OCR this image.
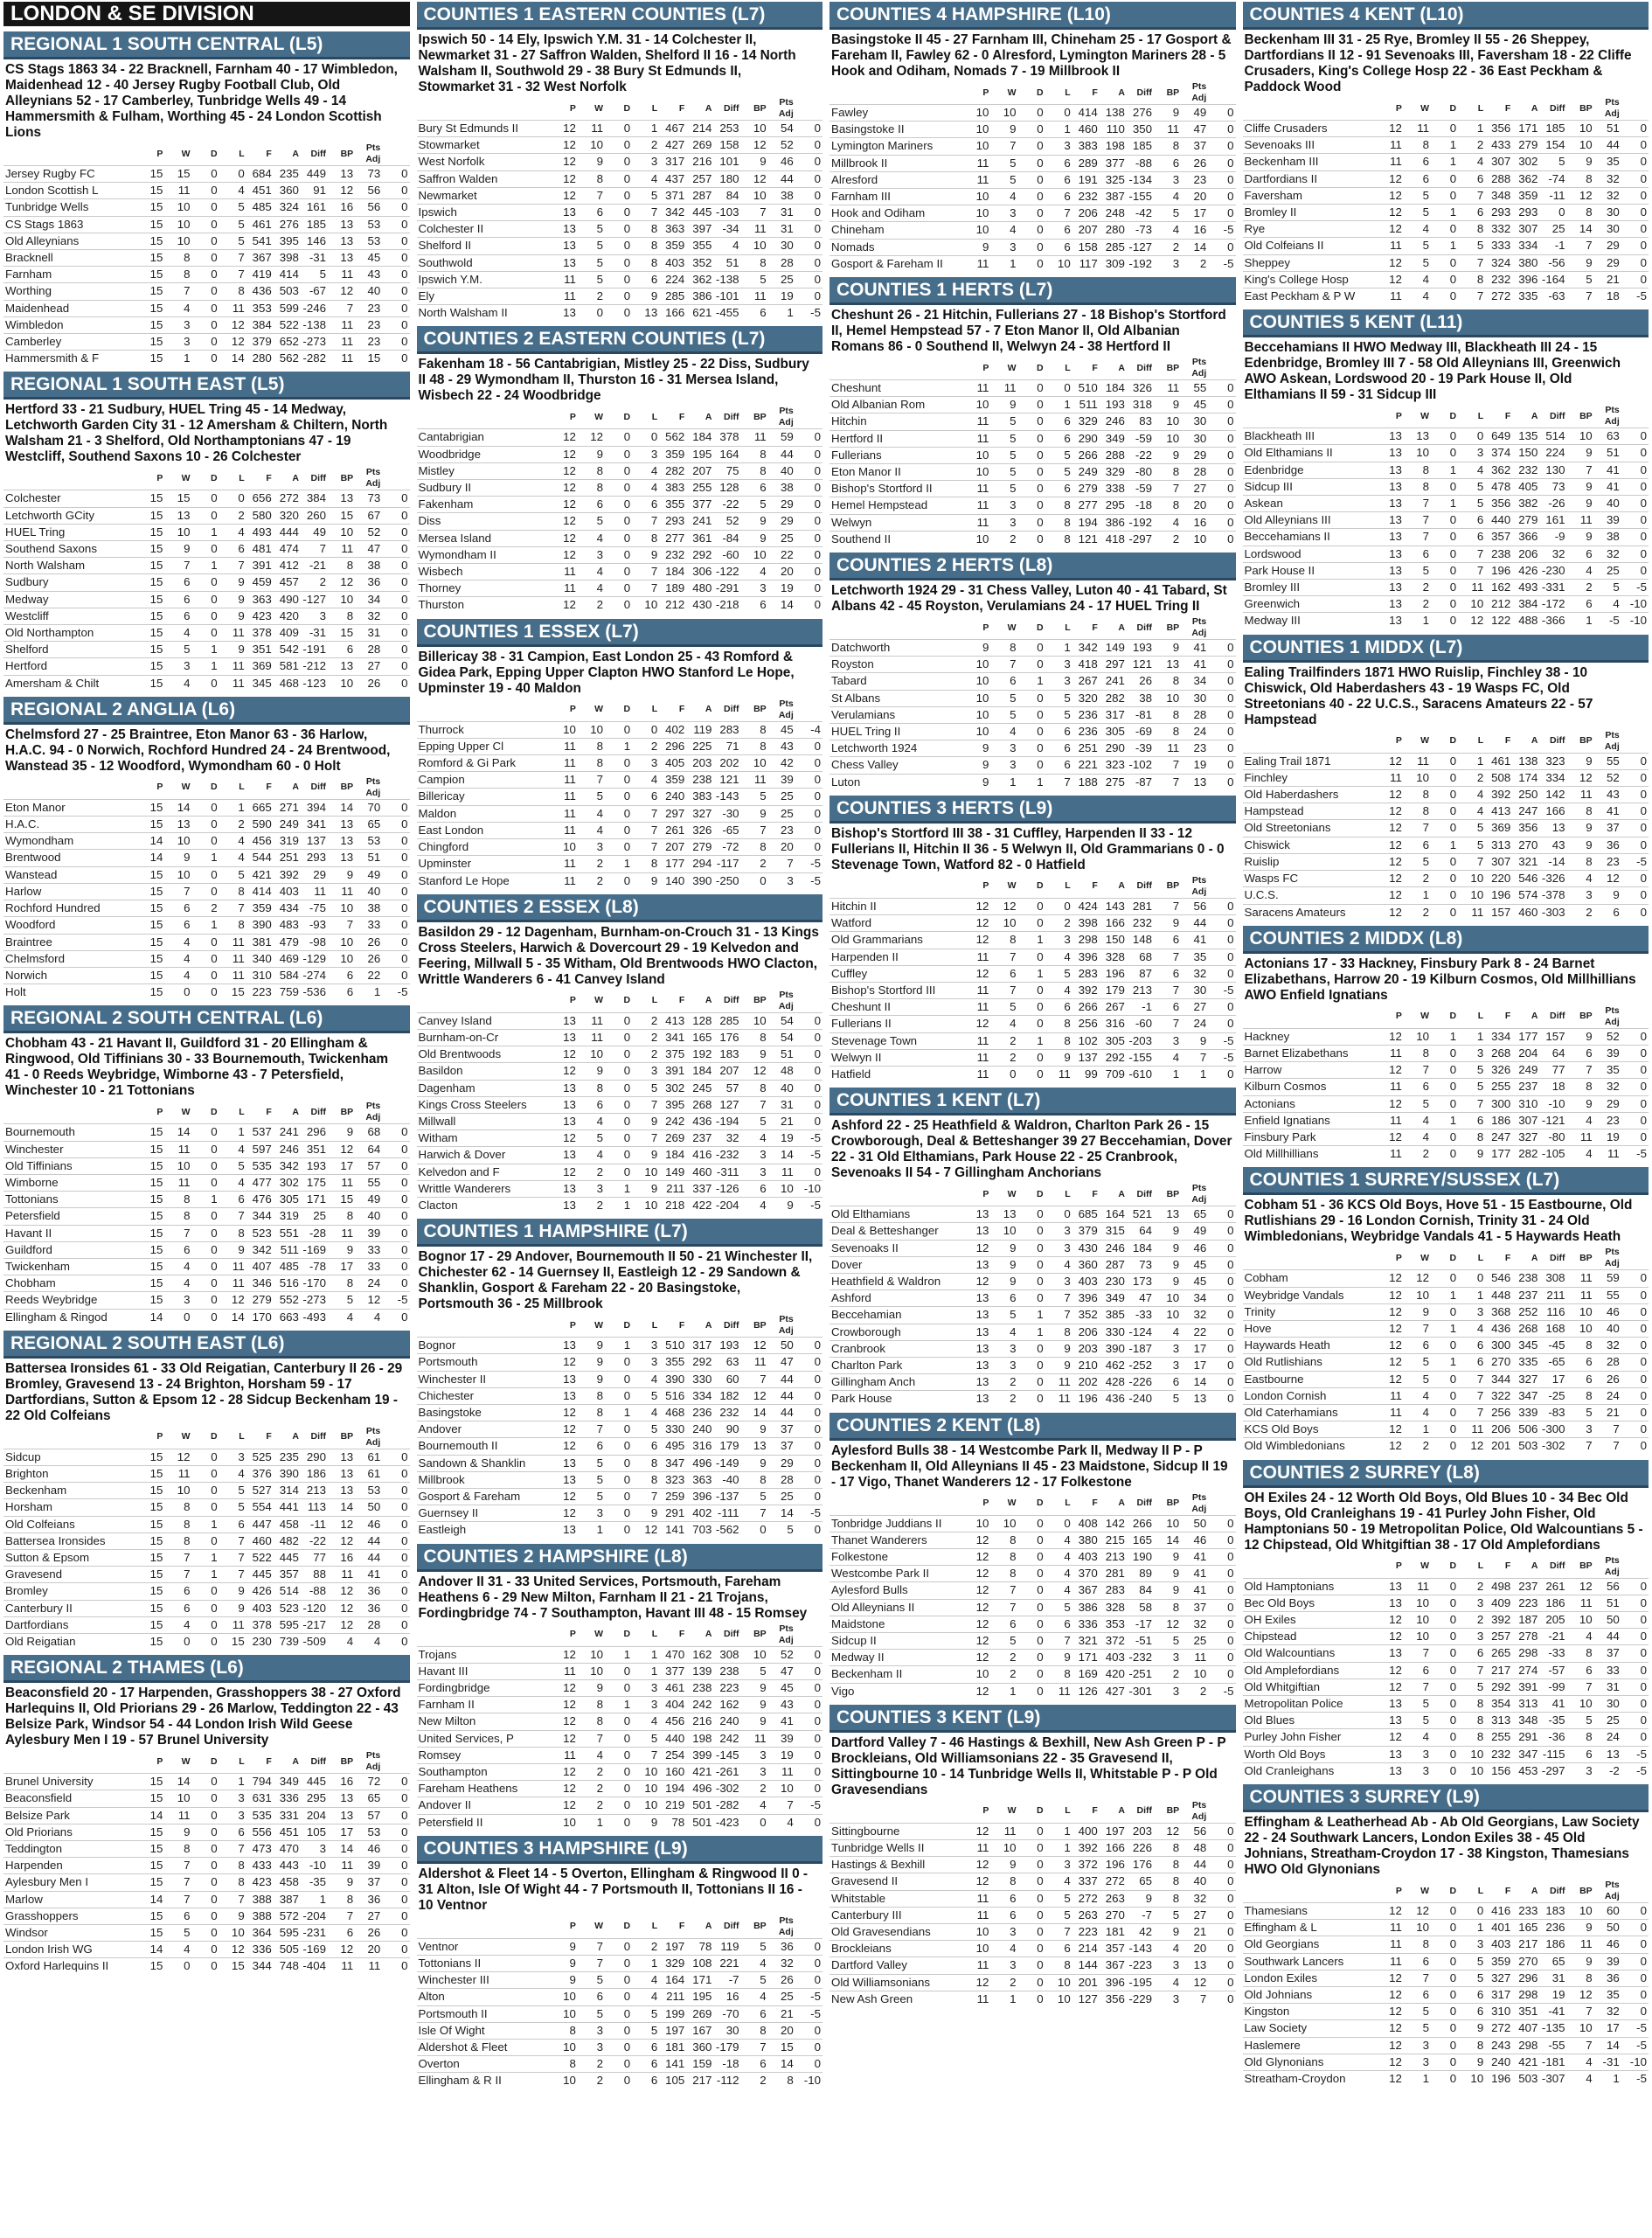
LONDON & SE DIVISION
REGIONAL 1 SOUTH CENTRAL (L5)
CS Stags 1863 34 - 22 Bracknell, Farnham 40 - 17 Wimbledon, Maidenhead 12 - 40 Jersey Rugby Football Club, Old Alleynians 52 - 17 Camberley, Tunbridge Wells 49 - 14 Hammersmith & Fulham, Worthing 45 - 24 London Scottish Lions
	P	W	D	L	F	A	Diff	BP	Pts Adj	
Jersey Rugby FC	15	15	0	0	684	235	449	13	73	0
London Scottish L	15	11	0	4	451	360	91	12	56	0
Tunbridge Wells	15	10	0	5	485	324	161	16	56	0
CS Stags 1863	15	10	0	5	461	276	185	13	53	0
Old Alleynians	15	10	0	5	541	395	146	13	53	0
Bracknell	15	8	0	7	367	398	-31	13	45	0
Farnham	15	8	0	7	419	414	5	11	43	0
Worthing	15	7	0	8	436	503	-67	12	40	0
Maidenhead	15	4	0	11	353	599	-246	7	23	0
Wimbledon	15	3	0	12	384	522	-138	11	23	0
Camberley	15	3	0	12	379	652	-273	11	23	0
Hammersmith & F	15	1	0	14	280	562	-282	11	15	0
REGIONAL 1 SOUTH EAST (L5)
Hertford 33 - 21 Sudbury, HUEL Tring 45 - 14 Medway, Letchworth Garden City 31 - 12 Amersham & Chiltern, North Walsham 21 - 3 Shelford, Old Northamptonians 47 - 19 Westcliff, Southend Saxons 10 - 26 Colchester
	P	W	D	L	F	A	Diff	BP	Pts Adj	
Colchester	15	15	0	0	656	272	384	13	73	0
Letchworth GCity	15	13	0	2	580	320	260	15	67	0
HUEL Tring	15	10	1	4	493	444	49	10	52	0
Southend Saxons	15	9	0	6	481	474	7	11	47	0
North Walsham	15	7	1	7	391	412	-21	8	38	0
Sudbury	15	6	0	9	459	457	2	12	36	0
Medway	15	6	0	9	363	490	-127	10	34	0
Westcliff	15	6	0	9	423	420	3	8	32	0
Old Northampton	15	4	0	11	378	409	-31	15	31	0
Shelford	15	5	1	9	351	542	-191	6	28	0
Hertford	15	3	1	11	369	581	-212	13	27	0
Amersham & Chilt	15	4	0	11	345	468	-123	10	26	0
REGIONAL 2 ANGLIA (L6)
Chelmsford 27 - 25 Braintree, Eton Manor 63 - 36 Harlow, H.A.C. 94 - 0 Norwich, Rochford Hundred 24 - 24 Brentwood, Wanstead 35 - 12 Woodford, Wymondham 60 - 0 Holt
	P	W	D	L	F	A	Diff	BP	Pts Adj	
Eton Manor	15	14	0	1	665	271	394	14	70	0
H.A.C.	15	13	0	2	590	249	341	13	65	0
Wymondham	14	10	0	4	456	319	137	13	53	0
Brentwood	14	9	1	4	544	251	293	13	51	0
Wanstead	15	10	0	5	421	392	29	9	49	0
Harlow	15	7	0	8	414	403	11	11	40	0
Rochford Hundred	15	6	2	7	359	434	-75	10	38	0
Woodford	15	6	1	8	390	483	-93	7	33	0
Braintree	15	4	0	11	381	479	-98	10	26	0
Chelmsford	15	4	0	11	340	469	-129	10	26	0
Norwich	15	4	0	11	310	584	-274	6	22	0
Holt	15	0	0	15	223	759	-536	6	1	-5
REGIONAL 2 SOUTH CENTRAL (L6)
Chobham 43 - 21 Havant II, Guildford 31 - 20 Ellingham & Ringwood, Old Tiffinians 30 - 33 Bournemouth, Twickenham 41 - 0 Reeds Weybridge, Wimborne 43 - 7 Petersfield, Winchester 10 - 21 Tottonians
	P	W	D	L	F	A	Diff	BP	Pts Adj	
Bournemouth	15	14	0	1	537	241	296	9	68	0
Winchester	15	11	0	4	597	246	351	12	64	0
Old Tiffinians	15	10	0	5	535	342	193	17	57	0
Wimborne	15	11	0	4	477	302	175	11	55	0
Tottonians	15	8	1	6	476	305	171	15	49	0
Petersfield	15	8	0	7	344	319	25	8	40	0
Havant II	15	7	0	8	523	551	-28	11	39	0
Guildford	15	6	0	9	342	511	-169	9	33	0
Twickenham	15	4	0	11	407	485	-78	17	33	0
Chobham	15	4	0	11	346	516	-170	8	24	0
Reeds Weybridge	15	3	0	12	279	552	-273	5	12	-5
Ellingham & Ringod	14	0	0	14	170	663	-493	4	4	0
REGIONAL 2 SOUTH EAST (L6)
Battersea Ironsides 61 - 33 Old Reigatian, Canterbury II 26 - 29 Bromley, Gravesend 13 - 24 Brighton, Horsham 59 - 17 Dartfordians, Sutton & Epsom 12 - 28 Sidcup Beckenham 19 - 22 Old Colfeians
	P	W	D	L	F	A	Diff	BP	Pts Adj	
Sidcup	15	12	0	3	525	235	290	13	61	0
Brighton	15	11	0	4	376	390	186	13	61	0
Beckenham	15	10	0	5	527	314	213	13	53	0
Horsham	15	8	0	5	554	441	113	14	50	0
Old Colfeians	15	8	1	6	447	458	-11	12	46	0
Battersea Ironsides	15	8	0	7	460	482	-22	12	44	0
Sutton & Epsom	15	7	1	7	522	445	77	16	44	0
Gravesend	15	7	1	7	445	357	88	11	41	0
Bromley	15	6	0	9	426	514	-88	12	36	0
Canterbury II	15	6	0	9	403	523	-120	12	36	0
Dartfordians	15	4	0	11	378	595	-217	12	28	0
Old Reigatian	15	0	0	15	230	739	-509	4	4	0
REGIONAL 2 THAMES (L6)
Beaconsfield 20 - 17 Harpenden, Grasshoppers 38 - 27 Oxford Harlequins II, Old Priorians 29 - 26 Marlow, Teddington 22 - 43 Belsize Park, Windsor 54 - 44 London Irish Wild Geese Aylesbury Men I 19 - 57 Brunel University
	P	W	D	L	F	A	Diff	BP	Pts Adj	
Brunel University	15	14	0	1	794	349	445	16	72	0
Beaconsfield	15	10	0	3	631	336	295	13	65	0
Belsize Park	14	11	0	3	535	331	204	13	57	0
Old Priorians	15	9	0	6	556	451	105	17	53	0
Teddington	15	8	0	7	473	470	3	14	46	0
Harpenden	15	7	0	8	433	443	-10	11	39	0
Aylesbury Men I	15	7	0	8	423	458	-35	9	37	0
Marlow	14	7	0	7	388	387	1	8	36	0
Grasshoppers	15	6	0	9	388	572	-204	7	27	0
Windsor	15	5	0	10	364	595	-231	6	26	0
London Irish WG	14	4	0	12	336	505	-169	12	20	0
Oxford Harlequins II	15	0	0	15	344	748	-404	11	11	0
COUNTIES 1 EASTERN COUNTIES (L7)
Ipswich 50 - 14 Ely, Ipswich Y.M. 31 - 14 Colchester II, Newmarket 31 - 27 Saffron Walden, Shelford II 16 - 14 North Walsham II, Southwold 29 - 38 Bury St Edmunds II, Stowmarket 31 - 32 West Norfolk
	P	W	D	L	F	A	Diff	BP	Pts Adj	
Bury St Edmunds II	12	11	0	1	467	214	253	10	54	0
Stowmarket	12	10	0	2	427	269	158	12	52	0
West Norfolk	12	9	0	3	317	216	101	9	46	0
Saffron Walden	12	8	0	4	437	257	180	12	44	0
Newmarket	12	7	0	5	371	287	84	10	38	0
Ipswich	13	6	0	7	342	445	-103	7	31	0
Colchester II	13	5	0	8	363	397	-34	11	31	0
Shelford II	13	5	0	8	359	355	4	10	30	0
Southwold	13	5	0	8	403	352	51	8	28	0
Ipswich Y.M.	11	5	0	6	224	362	-138	5	25	0
Ely	11	2	0	9	285	386	-101	11	19	0
North Walsham II	13	0	0	13	166	621	-455	6	1	-5
COUNTIES 2 EASTERN COUNTIES (L7)
Fakenham 18 - 56 Cantabrigian, Mistley 25 - 22 Diss, Sudbury II 48 - 29 Wymondham II, Thurston 16 - 31 Mersea Island, Wisbech 22 - 24 Woodbridge
	P	W	D	L	F	A	Diff	BP	Pts Adj	
Cantabrigian	12	12	0	0	562	184	378	11	59	0
Woodbridge	12	9	0	3	359	195	164	8	44	0
Mistley	12	8	0	4	282	207	75	8	40	0
Sudbury II	12	8	0	4	383	255	128	6	38	0
Fakenham	12	6	0	6	355	377	-22	5	29	0
Diss	12	5	0	7	293	241	52	9	29	0
Mersea Island	12	4	0	8	277	361	-84	9	25	0
Wymondham II	12	3	0	9	232	292	-60	10	22	0
Wisbech	11	4	0	7	184	306	-122	4	20	0
Thorney	11	4	0	7	189	480	-291	3	19	0
Thurston	12	2	0	10	212	430	-218	6	14	0
COUNTIES 1 ESSEX (L7)
Billericay 38 - 31 Campion, East London 25 - 43 Romford & Gidea Park, Epping Upper Clapton HWO Stanford Le Hope, Upminster 19 - 40 Maldon
	P	W	D	L	F	A	Diff	BP	Pts Adj	
Thurrock	10	10	0	0	402	119	283	8	45	-4
Epping Upper Cl	11	8	1	2	296	225	71	8	43	0
Romford & Gi Park	11	8	0	3	405	203	202	10	42	0
Campion	11	7	0	4	359	238	121	11	39	0
Billericay	11	5	0	6	240	383	-143	5	25	0
Maldon	11	4	0	7	297	327	-30	9	25	0
East London	11	4	0	7	261	326	-65	7	23	0
Chingford	10	3	0	7	207	279	-72	8	20	0
Upminster	11	2	1	8	177	294	-117	2	7	-5
Stanford Le Hope	11	2	0	9	140	390	-250	0	3	-5
COUNTIES 2 ESSEX (L8)
Basildon 29 - 12 Dagenham, Burnham-on-Crouch 31 - 13 Kings Cross Steelers, Harwich & Dovercourt 29 - 19 Kelvedon and Feering, Millwall 5 - 35 Witham, Old Brentwoods HWO Clacton, Writtle Wanderers 6 - 41 Canvey Island
	P	W	D	L	F	A	Diff	BP	Pts Adj	
Canvey Island	13	11	0	2	413	128	285	10	54	0
Burnham-on-Cr	13	11	0	2	341	165	176	8	54	0
Old Brentwoods	12	10	0	2	375	192	183	9	51	0
Basildon	12	9	0	3	391	184	207	12	48	0
Dagenham	13	8	0	5	302	245	57	8	40	0
Kings Cross Steelers	13	6	0	7	395	268	127	7	31	0
Millwall	13	4	0	9	242	436	-194	5	21	0
Witham	12	5	0	7	269	237	32	4	19	-5
Harwich & Dover	13	4	0	9	184	416	-232	3	14	-5
Kelvedon and F	12	2	0	10	149	460	-311	3	11	0
Writtle Wanderers	13	3	1	9	211	337	-126	6	10	-10
Clacton	13	2	1	10	218	422	-204	4	9	-5
COUNTIES 1 HAMPSHIRE (L7)
Bognor 17 - 29 Andover, Bournemouth II 50 - 21 Winchester II, Chichester 62 - 14 Guernsey II, Eastleigh 12 - 29 Sandown & Shanklin, Gosport & Fareham 22 - 20 Basingstoke, Portsmouth 36 - 25 Millbrook
	P	W	D	L	F	A	Diff	BP	Pts Adj	
Bognor	13	9	1	3	510	317	193	12	50	0
Portsmouth	12	9	0	3	355	292	63	11	47	0
Winchester II	13	9	0	4	390	330	60	7	44	0
Chichester	13	8	0	5	516	334	182	12	44	0
Basingstoke	12	8	1	4	468	236	232	14	44	0
Andover	12	7	0	5	330	240	90	9	37	0
Bournemouth II	12	6	0	6	495	316	179	13	37	0
Sandown & Shanklin	13	5	0	8	347	496	-149	9	29	0
Millbrook	13	5	0	8	323	363	-40	8	28	0
Gosport & Fareham	12	5	0	7	259	396	-137	5	25	0
Guernsey II	12	3	0	9	291	402	-111	7	14	-5
Eastleigh	13	1	0	12	141	703	-562	0	5	0
COUNTIES 2 HAMPSHIRE (L8)
Andover II 31 - 33 United Services, Portsmouth, Fareham Heathens 6 - 29 New Milton, Farnham II 21 - 21 Trojans, Fordingbridge 74 - 7 Southampton, Havant III 48 - 15 Romsey
	P	W	D	L	F	A	Diff	BP	Pts Adj	
Trojans	12	10	1	1	470	162	308	10	52	0
Havant III	11	10	0	1	377	139	238	5	47	0
Fordingbridge	12	9	0	3	461	238	223	9	45	0
Farnham II	12	8	1	3	404	242	162	9	43	0
New Milton	12	8	0	4	456	216	240	9	41	0
United Services, P	12	7	0	5	440	198	242	11	39	0
Romsey	11	4	0	7	254	399	-145	3	19	0
Southampton	12	2	0	10	160	421	-261	3	11	0
Fareham Heathens	12	2	0	10	194	496	-302	2	10	0
Andover II	12	2	0	10	219	501	-282	4	7	-5
Petersfield II	10	1	0	9	78	501	-423	0	4	0
COUNTIES 3 HAMPSHIRE (L9)
Aldershot & Fleet 14 - 5 Overton, Ellingham & Ringwood II 0 - 31 Alton, Isle Of Wight 44 - 7 Portsmouth II, Tottonians II 16 - 10 Ventnor
	P	W	D	L	F	A	Diff	BP	Pts Adj	
Ventnor	9	7	0	2	197	78	119	5	36	0
Tottonians II	9	7	0	1	329	108	221	4	32	0
Winchester III	9	5	0	4	164	171	-7	5	26	0
Alton	10	6	0	4	211	195	16	4	25	-5
Portsmouth II	10	5	0	5	199	269	-70	6	21	-5
Isle Of Wight	8	3	0	5	197	167	30	8	20	0
Aldershot & Fleet	10	3	0	6	181	360	-179	7	15	0
Overton	8	2	0	6	141	159	-18	6	14	0
Ellingham & R II	10	2	0	6	105	217	-112	2	8	-10
COUNTIES 4 HAMPSHIRE (L10)
Basingstoke II 45 - 27 Farnham III, Chineham 25 - 17 Gosport & Fareham II, Fawley 62 - 0 Alresford, Lymington Mariners 28 - 5 Hook and Odiham, Nomads 7 - 19 Millbrook II
	P	W	D	L	F	A	Diff	BP	Pts Adj	
Fawley	10	10	0	0	414	138	276	9	49	0
Basingstoke II	10	9	0	1	460	110	350	11	47	0
Lymington Mariners	10	7	0	3	383	198	185	8	37	0
Millbrook II	11	5	0	6	289	377	-88	6	26	0
Alresford	11	5	0	6	191	325	-134	3	23	0
Farnham III	10	4	0	6	232	387	-155	4	20	0
Hook and Odiham	10	3	0	7	206	248	-42	5	17	0
Chineham	10	4	0	6	207	280	-73	4	16	-5
Nomads	9	3	0	6	158	285	-127	2	14	0
Gosport & Fareham II	11	1	0	10	117	309	-192	3	2	-5
COUNTIES 1 HERTS (L7)
Cheshunt 26 - 21 Hitchin, Fullerians 27 - 18 Bishop's Stortford II, Hemel Hempstead 57 - 7 Eton Manor II, Old Albanian Romans 86 - 0 Southend II, Welwyn 24 - 38 Hertford II
	P	W	D	L	F	A	Diff	BP	Pts Adj	
Cheshunt	11	11	0	0	510	184	326	11	55	0
Old Albanian Rom	10	9	0	1	511	193	318	9	45	0
Hitchin	11	5	0	6	329	246	83	10	30	0
Hertford II	11	5	0	6	290	349	-59	10	30	0
Fullerians	10	5	0	5	266	288	-22	9	29	0
Eton Manor II	10	5	0	5	249	329	-80	8	28	0
Bishop's Stortford II	11	5	0	6	279	338	-59	7	27	0
Hemel Hempstead	11	3	0	8	277	295	-18	8	20	0
Welwyn	11	3	0	8	194	386	-192	4	16	0
Southend II	10	2	0	8	121	418	-297	2	10	0
COUNTIES 2 HERTS (L8)
Letchworth 1924 29 - 31 Chess Valley, Luton 40 - 41 Tabard, St Albans 42 - 45 Royston, Verulamians 24 - 17 HUEL Tring II
	P	W	D	L	F	A	Diff	BP	Pts Adj	
Datchworth	9	8	0	1	342	149	193	9	41	0
Royston	10	7	0	3	418	297	121	13	41	0
Tabard	10	6	1	3	267	241	26	8	34	0
St Albans	10	5	0	5	320	282	38	10	30	0
Verulamians	10	5	0	5	236	317	-81	8	28	0
HUEL Tring II	10	4	0	6	236	305	-69	8	24	0
Letchworth 1924	9	3	0	6	251	290	-39	11	23	0
Chess Valley	9	3	0	6	221	323	-102	7	19	0
Luton	9	1	1	7	188	275	-87	7	13	0
COUNTIES 3 HERTS (L9)
Bishop's Stortford III 38 - 31 Cuffley, Harpenden II 33 - 12 Fullerians II, Hitchin II 36 - 5 Welwyn II, Old Grammarians 0 - 0 Stevenage Town, Watford 82 - 0 Hatfield
	P	W	D	L	F	A	Diff	BP	Pts Adj	
Hitchin II	12	12	0	0	424	143	281	7	56	0
Watford	12	10	0	2	398	166	232	9	44	0
Old Grammarians	12	8	1	3	298	150	148	6	41	0
Harpenden II	11	7	0	4	396	328	68	7	35	0
Cuffley	12	6	1	5	283	196	87	6	32	0
Bishop's Stortford III	11	7	0	4	392	179	213	7	30	-5
Cheshunt II	11	5	0	6	266	267	-1	6	27	0
Fullerians II	12	4	0	8	256	316	-60	7	24	0
Stevenage Town	11	2	1	8	102	305	-203	3	9	-5
Welwyn II	11	2	0	9	137	292	-155	4	7	-5
Hatfield	11	0	0	11	99	709	-610	1	1	0
COUNTIES 1 KENT (L7)
Ashford 22 - 25 Heathfield & Waldron, Charlton Park 26 - 15 Crowborough, Deal & Betteshanger 39 27 Beccehamian, Dover 22 - 31 Old Elthamians, Park House 22 - 25 Cranbrook, Sevenoaks II 54 - 7 Gillingham Anchorians
	P	W	D	L	F	A	Diff	BP	Pts Adj	
Old Elthamians	13	13	0	0	685	164	521	13	65	0
Deal & Betteshanger	13	10	0	3	379	315	64	9	49	0
Sevenoaks II	12	9	0	3	430	246	184	9	46	0
Dover	13	9	0	4	360	287	73	9	45	0
Heathfield & Waldron	12	9	0	3	403	230	173	9	45	0
Ashford	13	6	0	7	396	349	47	10	34	0
Beccehamian	13	5	1	7	352	385	-33	10	32	0
Crowborough	13	4	1	8	206	330	-124	4	22	0
Cranbrook	13	3	0	9	203	390	-187	3	17	0
Charlton Park	13	3	0	9	210	462	-252	3	17	0
Gillingham Anch	13	2	0	11	202	428	-226	6	14	0
Park House	13	2	0	11	196	436	-240	5	13	0
COUNTIES 2 KENT (L8)
Aylesford Bulls 38 - 14 Westcombe Park II, Medway II P - P Beckenham II, Old Alleynians II 45 - 23 Maidstone, Sidcup II 19 - 17 Vigo, Thanet Wanderers 12 - 17 Folkestone
	P	W	D	L	F	A	Diff	BP	Pts Adj	
Tonbridge Juddians II	10	10	0	0	408	142	266	10	50	0
Thanet Wanderers	12	8	0	4	380	215	165	14	46	0
Folkestone	12	8	0	4	403	213	190	9	41	0
Westcombe Park II	12	8	0	4	370	281	89	9	41	0
Aylesford Bulls	12	7	0	4	367	283	84	9	41	0
Old Alleynians II	12	7	0	5	386	328	58	8	37	0
Maidstone	12	6	0	6	336	353	-17	12	32	0
Sidcup II	12	5	0	7	321	372	-51	5	25	0
Medway II	12	2	0	9	171	403	-232	3	11	0
Beckenham II	10	2	0	8	169	420	-251	2	10	0
Vigo	12	1	0	11	126	427	-301	3	2	-5
COUNTIES 3 KENT (L9)
Dartford Valley 7 - 46 Hastings & Bexhill, New Ash Green P - P Brockleians, Old Williamsonians 22 - 35 Gravesend II, Sittingbourne 10 - 14 Tunbridge Wells II, Whitstable P - P Old Gravesendians
	P	W	D	L	F	A	Diff	BP	Pts Adj	
Sittingbourne	12	11	0	1	400	197	203	12	56	0
Tunbridge Wells II	11	10	0	1	392	166	226	8	48	0
Hastings & Bexhill	12	9	0	3	372	196	176	8	44	0
Gravesend II	12	8	0	4	337	272	65	8	40	0
Whitstable	11	6	0	5	272	263	9	8	32	0
Canterbury III	11	6	0	5	263	270	-7	5	27	0
Old Gravesendians	10	3	0	7	223	181	42	9	21	0
Brockleians	10	4	0	6	214	357	-143	4	20	0
Dartford Valley	11	3	0	8	144	367	-223	3	13	0
Old Williamsonians	12	2	0	10	201	396	-195	4	12	0
New Ash Green	11	1	0	10	127	356	-229	3	7	0
COUNTIES 4 KENT (L10)
Beckenham III 31 - 25 Rye, Bromley II 55 - 26 Sheppey, Dartfordians II 12 - 91 Sevenoaks III, Faversham 18 - 22 Cliffe Crusaders, King's College Hosp 22 - 36 East Peckham & Paddock Wood
	P	W	D	L	F	A	Diff	BP	Pts Adj	
Cliffe Crusaders	12	11	0	1	356	171	185	10	51	0
Sevenoaks III	11	8	1	2	433	279	154	10	44	0
Beckenham III	11	6	1	4	307	302	5	9	35	0
Dartfordians II	12	6	0	6	288	362	-74	8	32	0
Faversham	12	5	0	7	348	359	-11	12	32	0
Bromley II	12	5	1	6	293	293	0	8	30	0
Rye	12	4	0	8	332	307	25	14	30	0
Old Colfeians II	11	5	1	5	333	334	-1	7	29	0
Sheppey	12	5	0	7	324	380	-56	9	29	0
King's College Hosp	12	4	0	8	232	396	-164	5	21	0
East Peckham & P W	11	4	0	7	272	335	-63	7	18	-5
COUNTIES 5 KENT (L11)
Beccehamians II HWO Medway III, Blackheath III 24 - 15 Edenbridge, Bromley III 7 - 58 Old Alleynians III, Greenwich AWO Askean, Lordswood 20 - 19 Park House II, Old Elthamians II 59 - 31 Sidcup III
	P	W	D	L	F	A	Diff	BP	Pts Adj	
Blackheath III	13	13	0	0	649	135	514	10	63	0
Old Elthamians II	13	10	0	3	374	150	224	9	51	0
Edenbridge	13	8	1	4	362	232	130	7	41	0
Sidcup III	13	8	0	5	478	405	73	9	41	0
Askean	13	7	1	5	356	382	-26	9	40	0
Old Alleynians III	13	7	0	6	440	279	161	11	39	0
Beccehamians II	13	7	0	6	357	366	-9	9	38	0
Lordswood	13	6	0	7	238	206	32	6	32	0
Park House II	13	5	0	7	196	426	-230	4	25	0
Bromley III	13	2	0	11	162	493	-331	2	5	-5
Greenwich	13	2	0	10	212	384	-172	6	4	-10
Medway III	13	1	0	12	122	488	-366	1	-5	-10
COUNTIES 1 MIDDX (L7)
Ealing Trailfinders 1871 HWO Ruislip, Finchley 38 - 10 Chiswick, Old Haberdashers 43 - 19 Wasps FC, Old Streetonians 40 - 22 U.C.S., Saracens Amateurs 22 - 57 Hampstead
	P	W	D	L	F	A	Diff	BP	Pts Adj	
Ealing Trail 1871	12	11	0	1	461	138	323	9	55	0
Finchley	11	10	0	2	508	174	334	12	52	0
Old Haberdashers	12	8	0	4	392	250	142	11	43	0
Hampstead	12	8	0	4	413	247	166	8	41	0
Old Streetonians	12	7	0	5	369	356	13	9	37	0
Chiswick	12	6	1	5	313	270	43	9	36	0
Ruislip	12	5	0	7	307	321	-14	8	23	-5
Wasps FC	12	2	0	10	220	546	-326	4	12	0
U.C.S.	12	1	0	10	196	574	-378	3	9	0
Saracens Amateurs	12	2	0	11	157	460	-303	2	6	0
COUNTIES 2 MIDDX (L8)
Actonians 17 - 33 Hackney, Finsbury Park 8 - 24 Barnet Elizabethans, Harrow 20 - 19 Kilburn Cosmos, Old Millhillians AWO Enfield Ignatians
	P	W	D	L	F	A	Diff	BP	Pts Adj	
Hackney	12	10	1	1	334	177	157	9	52	0
Barnet Elizabethans	11	8	0	3	268	204	64	6	39	0
Harrow	12	7	0	5	326	249	77	7	35	0
Kilburn Cosmos	11	6	0	5	255	237	18	8	32	0
Actonians	12	5	0	7	300	310	-10	9	29	0
Enfield Ignatians	11	4	1	6	186	307	-121	4	23	0
Finsbury Park	12	4	0	8	247	327	-80	11	19	0
Old Millhillians	11	2	0	9	177	282	-105	4	11	-5
COUNTIES 1 SURREY/SUSSEX (L7)
Cobham 51 - 36 KCS Old Boys, Hove 51 - 15 Eastbourne, Old Rutlishians 29 - 16 London Cornish, Trinity 31 - 24 Old Wimbledonians, Weybridge Vandals 41 - 5 Haywards Heath
	P	W	D	L	F	A	Diff	BP	Pts Adj	
Cobham	12	12	0	0	546	238	308	11	59	0
Weybridge Vandals	12	10	1	1	448	237	211	11	55	0
Trinity	12	9	0	3	368	252	116	10	46	0
Hove	12	7	1	4	436	268	168	10	40	0
Haywards Heath	12	6	0	6	300	345	-45	8	32	0
Old Rutlishians	12	5	1	6	270	335	-65	6	28	0
Eastbourne	12	5	0	7	344	327	17	6	26	0
London Cornish	11	4	0	7	322	347	-25	8	24	0
Old Caterhamians	11	4	0	7	256	339	-83	5	21	0
KCS Old Boys	12	1	0	11	206	506	-300	3	7	0
Old Wimbledonians	12	2	0	12	201	503	-302	7	7	0
COUNTIES 2 SURREY (L8)
OH Exiles 24 - 12 Worth Old Boys, Old Blues 10 - 34 Bec Old Boys, Old Cranleighans 19 - 41 Purley John Fisher, Old Hamptonians 50 - 19 Metropolitan Police, Old Walcountians 5 - 12 Chipstead, Old Whitgiftian 38 - 17 Old Amplefordians
	P	W	D	L	F	A	Diff	BP	Pts Adj	
Old Hamptonians	13	11	0	2	498	237	261	12	56	0
Bec Old Boys	13	10	0	3	409	223	186	11	51	0
OH Exiles	12	10	0	2	392	187	205	10	50	0
Chipstead	12	10	0	3	257	278	-21	4	44	0
Old Walcountians	13	7	0	6	265	298	-33	8	37	0
Old Amplefordians	12	6	0	7	217	274	-57	6	33	0
Old Whitgiftian	12	7	0	5	292	391	-99	7	31	0
Metropolitan Police	13	5	0	8	354	313	41	10	30	0
Old Blues	13	5	0	8	313	348	-35	5	25	0
Purley John Fisher	12	4	0	8	255	291	-36	8	24	0
Worth Old Boys	13	3	0	10	232	347	-115	6	13	-5
Old Cranleighans	13	3	0	10	156	453	-297	3	-2	-5
COUNTIES 3 SURREY (L9)
Effingham & Leatherhead Ab - Ab Old Georgians, Law Society 22 - 24 Southwark Lancers, London Exiles 38 - 45 Old Johnians, Streatham-Croydon 17 - 38 Kingston, Thamesians HWO Old Glynonians
	P	W	D	L	F	A	Diff	BP	Pts Adj	
Thamesians	12	12	0	0	416	233	183	10	60	0
Effingham & L	11	10	0	1	401	165	236	9	50	0
Old Georgians	11	8	0	3	403	217	186	11	46	0
Southwark Lancers	11	6	0	5	359	270	65	9	39	0
London Exiles	12	7	0	5	327	296	31	8	36	0
Old Johnians	12	6	0	6	317	298	19	12	35	0
Kingston	12	5	0	6	310	351	-41	7	32	0
Law Society	12	5	0	9	272	407	-135	10	17	-5
Haslemere	12	3	0	8	243	298	-55	7	14	-5
Old Glynonians	12	3	0	9	240	421	-181	4	-31	-10
Streatham-Croydon	12	1	0	10	196	503	-307	4	1	-5
